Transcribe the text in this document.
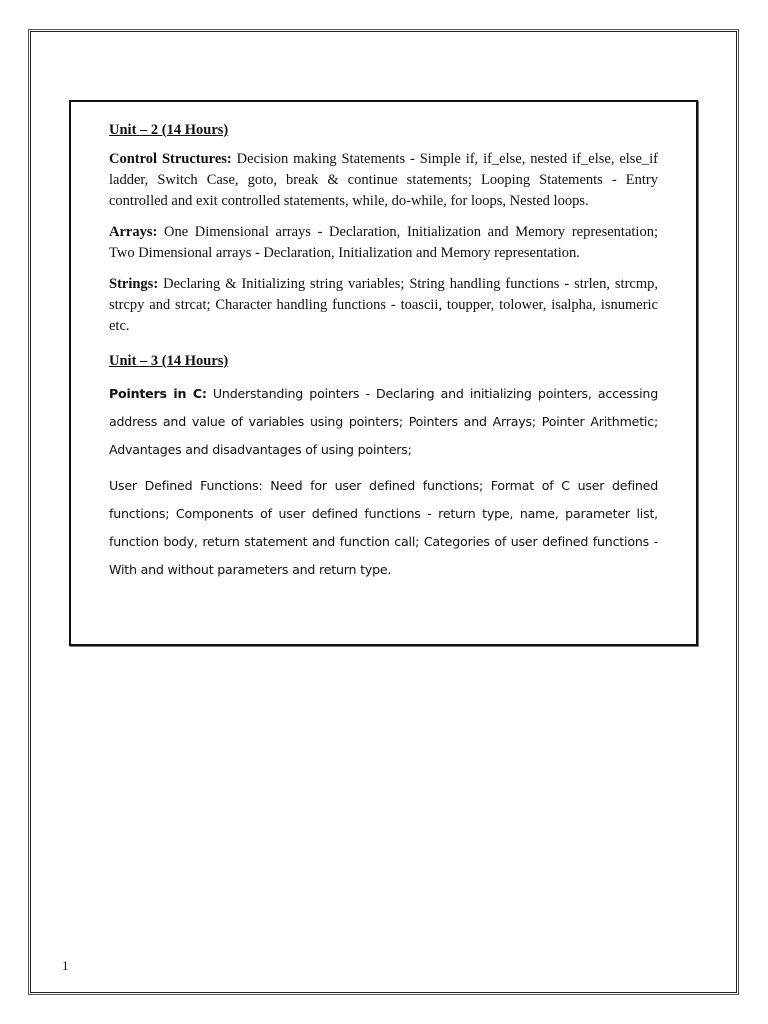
Unit – 2 (14 Hours)

Control Structures: Decision making Statements - Simple if, if_else, nested if_else, else_if ladder, Switch Case, goto, break & continue statements; Looping Statements - Entry controlled and exit controlled statements, while, do-while, for loops, Nested loops.

Arrays: One Dimensional arrays - Declaration, Initialization and Memory representation; Two Dimensional arrays - Declaration, Initialization and Memory representation.

Strings: Declaring & Initializing string variables; String handling functions - strlen, strcmp, strcpy and strcat; Character handling functions - toascii, toupper, tolower, isalpha, isnumeric etc.

Unit – 3 (14 Hours)

Pointers in C: Understanding pointers - Declaring and initializing pointers, accessing address and value of variables using pointers; Pointers and Arrays; Pointer Arithmetic; Advantages and disadvantages of using pointers;

User Defined Functions: Need for user defined functions; Format of C user defined functions; Components of user defined functions - return type, name, parameter list, function body, return statement and function call; Categories of user defined functions - With and without parameters and return type.

1
